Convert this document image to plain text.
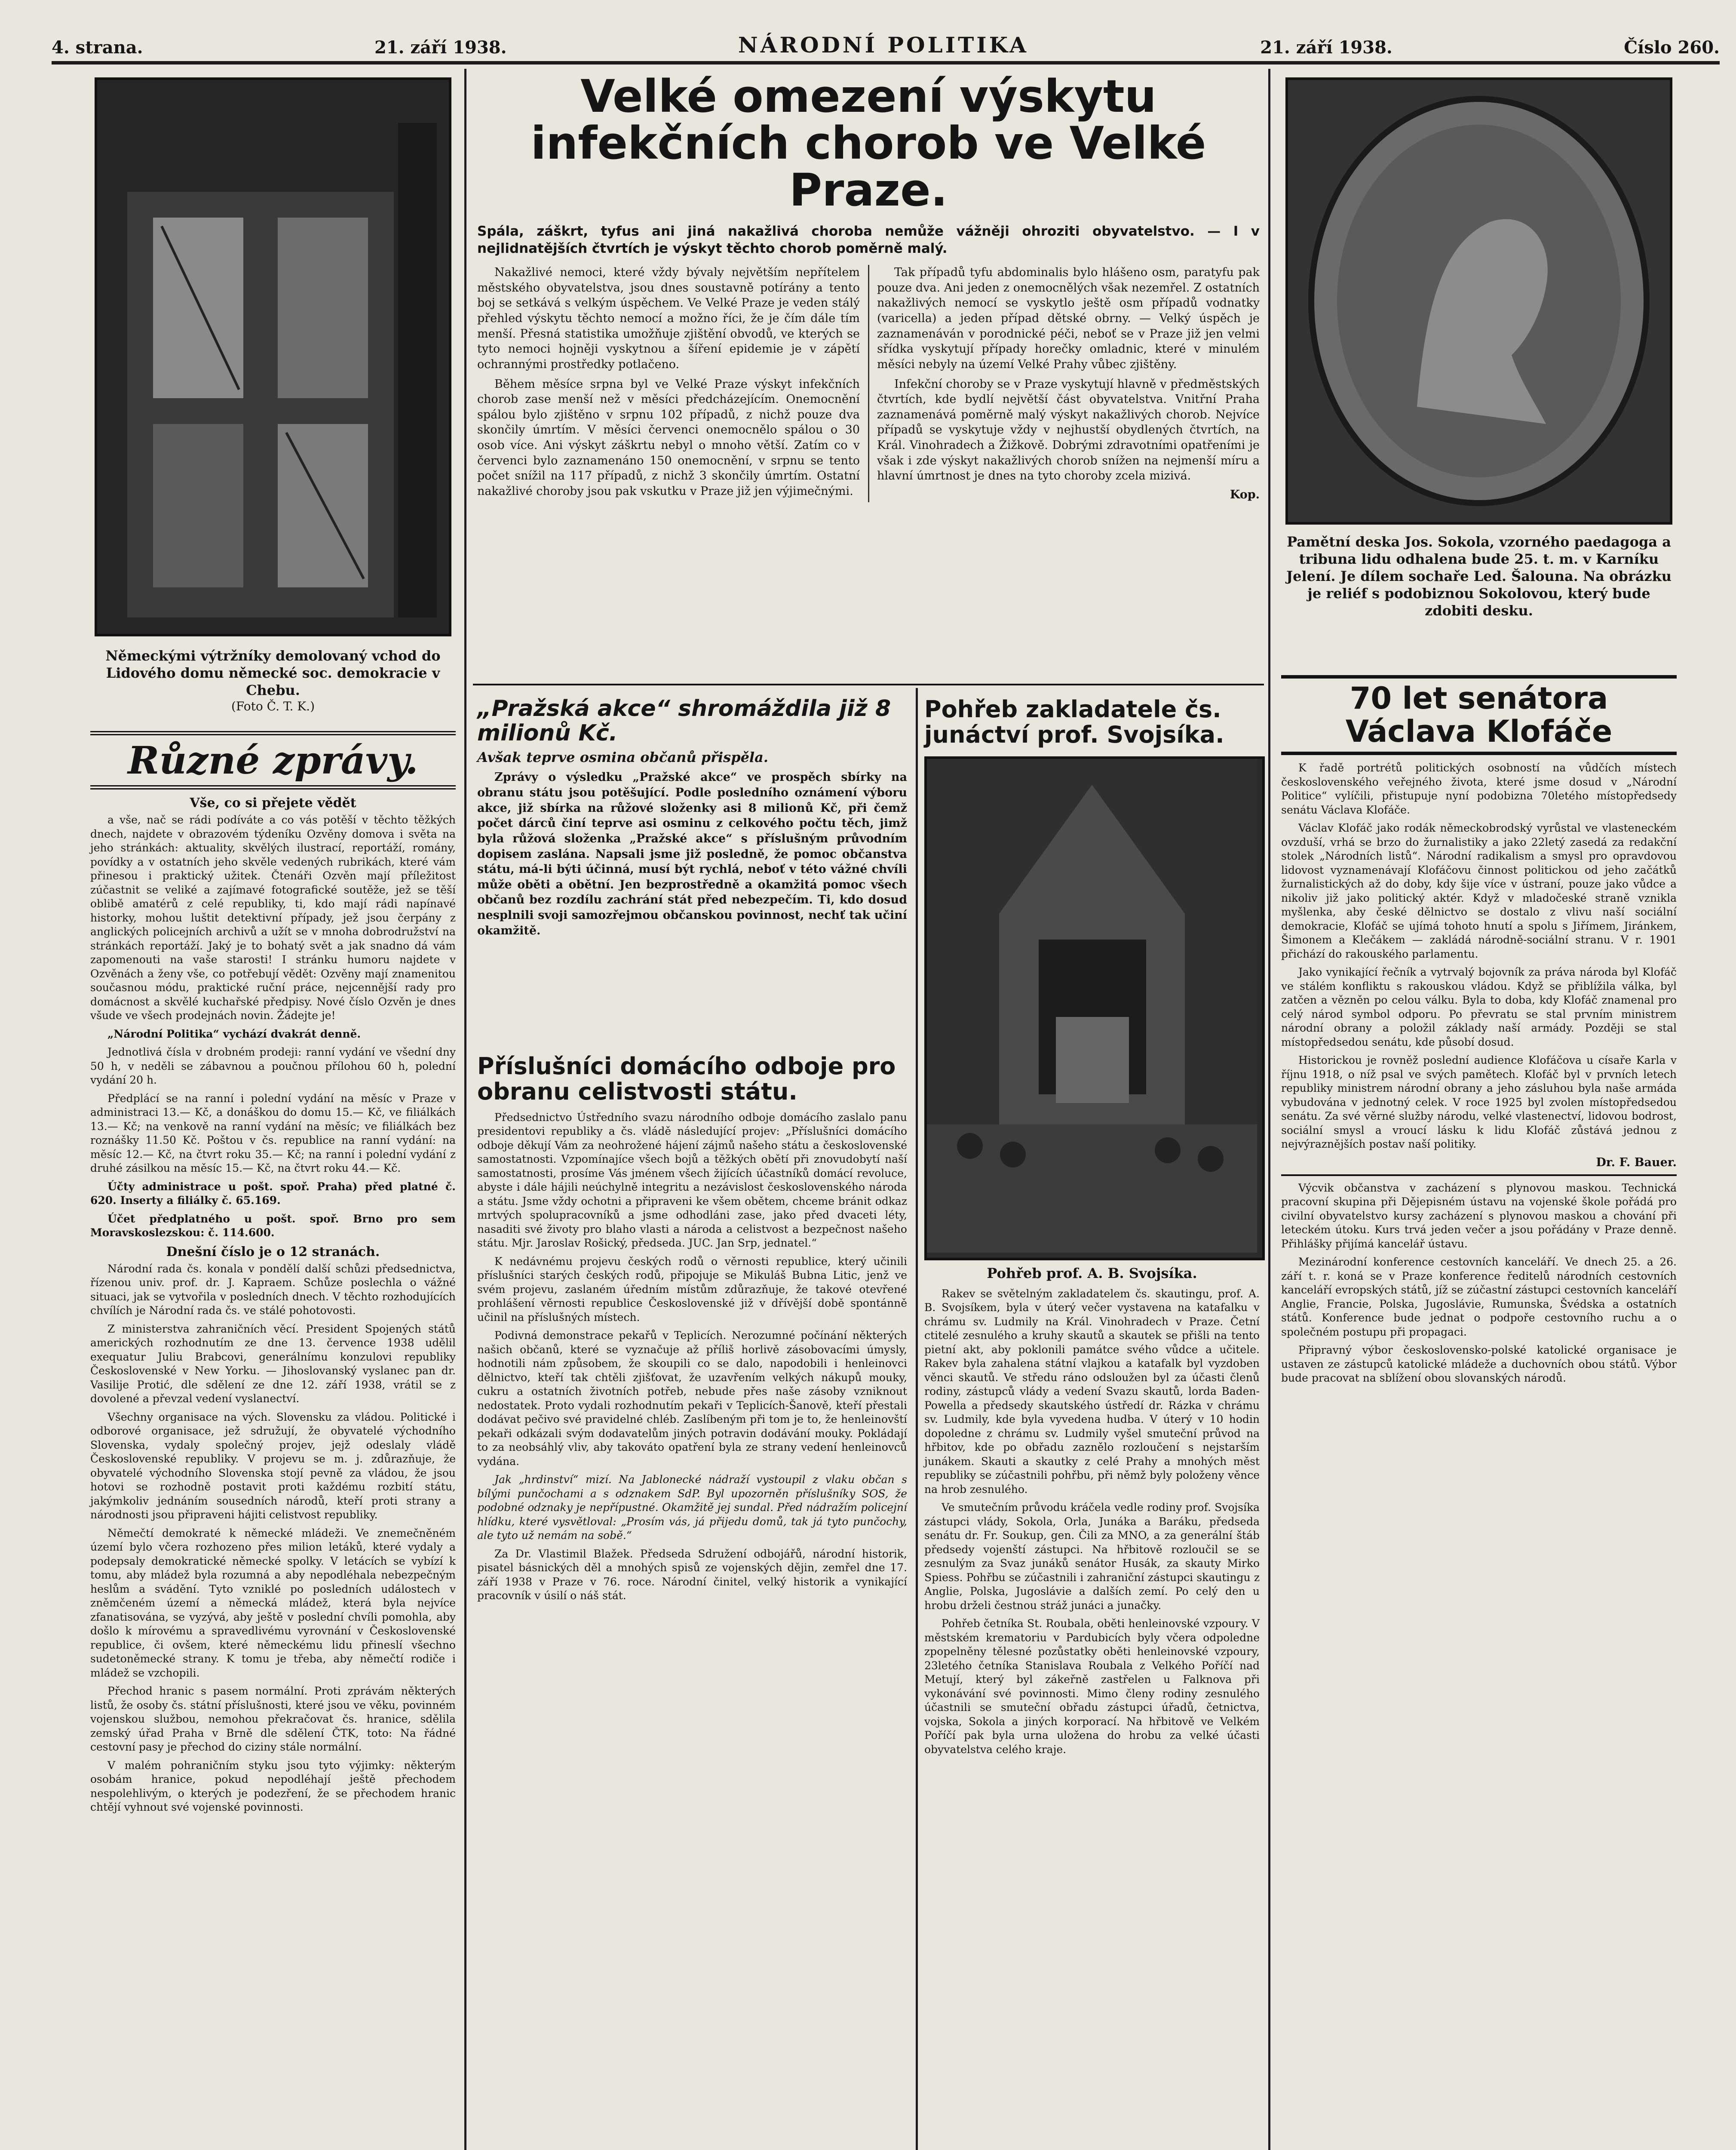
4. strana.	21. září 1938.	NÁRODNÍ POLITIKA	21. září 1938.	Číslo 260.
Německými výtržníky demolovaný vchod do Lidového domu německé soc. demokracie v Chebu.
(Foto Č. T. K.)
Různé zprávy.
Vše, co si přejete vědět

a vše, nač se rádi podíváte a co vás potěší v těchto těžkých dnech, najdete v obrazovém týdeníku Ozvěny domova i světa na jeho stránkách: aktuality, skvělých ilustrací, reportáží, romány, povídky a v ostatních jeho skvěle vedených rubrikách, které vám přinesou i praktický užitek. Čtenáři Ozvěn mají příležitost zúčastnit se veliké a zajímavé fotografické soutěže, jež se těší oblibě amatérů z celé republiky, ti, kdo mají rádi napínavé historky, mohou luštit detektivní případy, jež jsou čerpány z anglických policejních archivů a užít se v mnoha dobrodružství na stránkách reportáží. Jaký je to bohatý svět a jak snadno dá vám zapomenouti na vaše starosti! I stránku humoru najdete v Ozvěnách a ženy vše, co potřebují vědět: Ozvěny mají znamenitou současnou módu, praktické ruční práce, nejcennější rady pro domácnost a skvělé kuchařské předpisy. Nové číslo Ozvěn je dnes všude ve všech prodejnách novin. Žádejte je!

„Národní Politika“ vychází dvakrát denně.

Jednotlivá čísla v drobném prodeji: ranní vydání ve všední dny 50 h, v neděli se zábavnou a poučnou přílohou 60 h, polední vydání 20 h.

Předplácí se na ranní i polední vydání na měsíc v Praze v administraci 13.— Kč, a donáškou do domu 15.— Kč, ve filiálkách 13.— Kč; na venkově na ranní vydání na měsíc; ve filiálkách bez roznášky 11.50 Kč. Poštou v čs. republice na ranní vydání: na měsíc 12.— Kč, na čtvrt roku 35.— Kč; na ranní i polední vydání z druhé zásilkou na měsíc 15.— Kč, na čtvrt roku 44.— Kč.

Účty administrace u pošt. spoř. Praha) před platné č. 620. Inserty a filiálky č. 65.169.

Účet předplatného u pošt. spoř. Brno pro sem Moravskoslezskou: č. 114.600.

Dnešní číslo je o 12 stranách.

Národní rada čs. konala v pondělí další schůzi předsednictva, řízenou univ. prof. dr. J. Kapraem. Schůze poslechla o vážné situaci, jak se vytvořila v posledních dnech. V těchto rozhodujících chvílích je Národní rada čs. ve stálé pohotovosti.

Z ministerstva zahraničních věcí. President Spojených států amerických rozhodnutím ze dne 13. července 1938 udělil exequatur Juliu Brabcovi, generálnímu konzulovi republiky Československé v New Yorku. — Jihoslovanský vyslanec pan dr. Vasilije Protić, dle sdělení ze dne 12. září 1938, vrátil se z dovolené a převzal vedení vyslanectví.

Všechny organisace na vých. Slovensku za vládou. Politické i odborové organisace, jež sdružují, že obyvatelé východního Slovenska, vydaly společný projev, jejž odeslaly vládě Československé republiky. V projevu se m. j. zdůrazňuje, že obyvatelé východního Slovenska stojí pevně za vládou, že jsou hotovi se rozhodně postavit proti každému rozbití státu, jakýmkoliv jednáním sousedních národů, kteří proti strany a národnosti jsou připraveni hájiti celistvost republiky.

Němečtí demokraté k německé mládeži. Ve znemečněném území bylo včera rozhozeno přes milion letáků, které vydaly a podepsaly demokratické německé spolky. V letácích se vybízí k tomu, aby mládež byla rozumná a aby nepodléhala nebezpečným heslům a svádění. Tyto vzniklé po posledních událostech v zněmčeném území a německá mládež, která byla nejvíce zfanatisována, se vyzývá, aby ještě v poslední chvíli pomohla, aby došlo k mírovému a spravedlivému vyrovnání v Československé republice, či ovšem, které německému lidu přineslí všechno sudetoněmecké strany. K tomu je třeba, aby němečtí rodiče i mládež se vzchopili.

Přechod hranic s pasem normální. Proti zprávám některých listů, že osoby čs. státní příslušnosti, které jsou ve věku, povinném vojenskou službou, nemohou překračovat čs. hranice, sdělila zemský úřad Praha v Brně dle sdělení ČTK, toto: Na řádné cestovní pasy je přechod do ciziny stále normální.

V malém pohraničním styku jsou tyto výjimky: některým osobám hranice, pokud nepodléhají ještě přechodem nespolehlivým, o kterých je podezření, že se přechodem hranic chtějí vyhnout své vojenské povinnosti.

Velké omezení výskytu infekčních chorob ve Velké Praze.
Spála, záškrt, tyfus ani jiná nakažlivá choroba nemůže vážněji ohroziti obyvatelstvo. — I v nejlidnatějších čtvrtích je výskyt těchto chorob poměrně malý.

Nakažlivé nemoci, které vždy bývaly největším nepřítelem městského obyvatelstva, jsou dnes soustavně potírány a tento boj se setkává s velkým úspěchem. Ve Velké Praze je veden stálý přehled výskytu těchto nemocí a možno říci, že je čím dále tím menší. Přesná statistika umožňuje zjištění obvodů, ve kterých se tyto nemoci hojněji vyskytnou a šíření epidemie je v zápětí ochrannými prostředky potlačeno.

Během měsíce srpna byl ve Velké Praze výskyt infekčních chorob zase menší než v měsíci předcházejícím. Onemocnění spálou bylo zjištěno v srpnu 102 případů, z nichž pouze dva skončily úmrtím. V měsíci červenci onemocnělo spálou o 30 osob více. Ani výskyt záškrtu nebyl o mnoho větší. Zatím co v červenci bylo zaznamenáno 150 onemocnění, v srpnu se tento počet snížil na 117 případů, z nichž 3 skončily úmrtím. Ostatní nakažlivé choroby jsou pak vskutku v Praze již jen výjimečnými.

Tak případů tyfu abdominalis bylo hlášeno osm, paratyfu pak pouze dva. Ani jeden z onemocnělých však nezemřel. Z ostatních nakažlivých nemocí se vyskytlo ještě osm případů vodnatky (varicella) a jeden případ dětské obrny. — Velký úspěch je zaznamenáván v porodnické péči, neboť se v Praze již jen velmi sřídka vyskytují případy horečky omladnic, které v minulém měsíci nebyly na území Velké Prahy vůbec zjištěny.

Infekční choroby se v Praze vyskytují hlavně v předměstských čtvrtích, kde bydlí největší část obyvatelstva. Vnitřní Praha zaznamenává poměrně malý výskyt nakažlivých chorob. Nejvíce případů se vyskytuje vždy v nejhustší obydlených čtvrtích, na Král. Vinohradech a Žižkově. Dobrými zdravotními opatřeními je však i zde výskyt nakažlivých chorob snížen na nejmenší míru a hlavní úmrtnost je dnes na tyto choroby zcela mizivá.

Kop.
„Pražská akce“ shromáždila již 8 milionů Kč.
Avšak teprve osmina občanů přispěla.

Zprávy o výsledku „Pražské akce“ ve prospěch sbírky na obranu státu jsou potěšující. Podle posledního oznámení výboru akce, již sbírka na růžové složenky asi 8 milionů Kč, při čemž počet dárců činí teprve asi osminu z celkového počtu těch, jimž byla růžová složenka „Pražské akce“ s příslušným průvodním dopisem zaslána. Napsali jsme již posledně, že pomoc občanstva státu, má-li býti účinná, musí být rychlá, neboť v této vážné chvíli může oběti a obětní. Jen bezprostředně a okamžitá pomoc všech občanů bez rozdílu zachrání stát před nebezpečím. Ti, kdo dosud nesplnili svoji samozřejmou občanskou povinnost, nechť tak učiní okamžitě.

Příslušníci domácího odboje pro obranu celistvosti státu.

Předsednictvo Ústředního svazu národního odboje domácího zaslalo panu presidentovi republiky a čs. vládě následující projev: „Příslušníci domácího odboje děkují Vám za neohrožené hájení zájmů našeho státu a československé samostatnosti. Vzpomínajíce všech bojů a těžkých obětí při znovudobytí naší samostatnosti, prosíme Vás jménem všech žijících účastníků domácí revoluce, abyste i dále hájili neúchylně integritu a nezávislost československého národa a státu. Jsme vždy ochotni a připraveni ke všem obětem, chceme bránit odkaz mrtvých spolupracovníků a jsme odhodláni zase, jako před dvaceti léty, nasaditi své životy pro blaho vlasti a národa a celistvost a bezpečnost našeho státu. Mjr. Jaroslav Rošický, předseda. JUC. Jan Srp, jednatel.“

K nedávnému projevu českých rodů o věrnosti republice, který učinili příslušníci starých českých rodů, připojuje se Mikuláš Bubna Litic, jenž ve svém projevu, zaslaném úředním místům zdůrazňuje, že takové otevřené prohlášení věrnosti republice Československé již v dřívější době spontánně učinil na příslušných místech.

Podivná demonstrace pekařů v Teplicích. Nerozumné počínání některých našich občanů, které se vyznačuje až příliš horlivě zásobovacími úmysly, hodnotili nám způsobem, že skoupili co se dalo, napodobili i henleinovci dělnictvo, kteří tak chtěli zjišťovat, že uzavřením velkých nákupů mouky, cukru a ostatních životních potřeb, nebude přes naše zásoby vzniknout nedostatek. Proto vydali rozhodnutím pekaři v Teplicích-Šanově, kteří přestali dodávat pečivo své pravidelné chléb. Zaslíbeným při tom je to, že henleinovští pekaři odkázali svým dodavatelům jiných potravin dodávání mouky. Pokládají to za neobsáhlý vliv, aby takováto opatření byla ze strany vedení henleinovců vydána.

Jak „hrdinství“ mizí. Na Jablonecké nádraží vystoupil z vlaku občan s bílými punčochami a s odznakem SdP. Byl upozorněn příslušníky SOS, že podobné odznaky je nepřípustné. Okamžitě jej sundal. Před nádražím policejní hlídku, které vysvětloval: „Prosím vás, já přijedu domů, tak já tyto punčochy, ale tyto už nemám na sobě.“

Za Dr. Vlastimil Blažek. Předseda Sdružení odbojářů, národní historik, pisatel básnických děl a mnohých spisů ze vojenských dějin, zemřel dne 17. září 1938 v Praze v 76. roce. Národní činitel, velký historik a vynikající pracovník v úsilí o náš stát.

Pohřeb zakladatele čs. junáctví prof. Svojsíka.
Pohřeb prof. A. B. Svojsíka.

Rakev se světelným zakladatelem čs. skautingu, prof. A. B. Svojsíkem, byla v úterý večer vystavena na katafalku v chrámu sv. Ludmily na Král. Vinohradech v Praze. Četní ctitelé zesnulého a kruhy skautů a skautek se přišli na tento pietní akt, aby poklonili památce svého vůdce a učitele. Rakev byla zahalena státní vlajkou a katafalk byl vyzdoben věnci skautů. Ve středu ráno odsloužen byl za účasti členů rodiny, zástupců vlády a vedení Svazu skautů, lorda Baden-Powella a předsedy skautského ústředí dr. Rázka v chrámu sv. Ludmily, kde byla vyvedena hudba. V úterý v 10 hodin dopoledne z chrámu sv. Ludmily vyšel smuteční průvod na hřbitov, kde po obřadu zaznělo rozloučení s nejstarším junákem. Skauti a skautky z celé Prahy a mnohých měst republiky se zúčastnili pohřbu, při němž byly položeny věnce na hrob zesnulého.

Ve smutečním průvodu kráčela vedle rodiny prof. Svojsíka zástupci vlády, Sokola, Orla, Junáka a Baráku, předseda senátu dr. Fr. Soukup, gen. Čili za MNO, a za generální štáb předsedy vojenští zástupci. Na hřbitově rozloučil se se zesnulým za Svaz junáků senátor Husák, za skauty Mirko Spiess. Pohřbu se zúčastnili i zahraniční zástupci skautingu z Anglie, Polska, Jugoslávie a dalších zemí. Po celý den u hrobu drželi čestnou stráž junáci a junačky.

Pohřeb četníka St. Roubala, oběti henleinovské vzpoury. V městském krematoriu v Pardubicích byly včera odpoledne zpopelněny tělesné pozůstatky oběti henleinovské vzpoury, 23letého četníka Stanislava Roubala z Velkého Poříčí nad Metují, který byl zákeřně zastřelen u Falknova při vykonávání své povinnosti. Mimo členy rodiny zesnulého účastnili se smuteční obřadu zástupci úřadů, četnictva, vojska, Sokola a jiných korporací. Na hřbitově ve Velkém Poříčí pak byla urna uložena do hrobu za velké účasti obyvatelstva celého kraje.

Pamětní deska Jos. Sokola, vzorného paedagoga a tribuna lidu odhalena bude 25. t. m. v Karníku Jelení. Je dílem sochaře Led. Šalouna. Na obrázku je reliéf s podobiznou Sokolovou, který bude zdobiti desku.
70 let senátora Václava Klofáče

K řadě portrétů politických osobností na vůdčích místech československého veřejného života, které jsme dosud v „Národní Politice“ vylíčili, přistupuje nyní podobizna 70letého místopředsedy senátu Václava Klofáče.

Václav Klofáč jako rodák německobrodský vyrůstal ve vlasteneckém ovzduší, vrhá se brzo do žurnalistiky a jako 22letý zasedá za redakční stolek „Národních listů“. Národní radikalism a smysl pro opravdovou lidovost vyznamenávají Klofáčovu činnost politickou od jeho začátků žurnalistických až do doby, kdy šije více v ústraní, pouze jako vůdce a nikoliv již jako politický aktér. Když v mladočeské straně vznikla myšlenka, aby české dělnictvo se dostalo z vlivu naší sociální demokracie, Klofáč se ujímá tohoto hnutí a spolu s Jiřímem, Jiránkem, Šimonem a Klečákem — zakládá národně-sociální stranu. V r. 1901 přichází do rakouského parlamentu.

Jako vynikající řečník a vytrvalý bojovník za práva národa byl Klofáč ve stálém konfliktu s rakouskou vládou. Když se přiblížila válka, byl zatčen a vězněn po celou válku. Byla to doba, kdy Klofáč znamenal pro celý národ symbol odporu. Po převratu se stal prvním ministrem národní obrany a položil základy naší armády. Později se stal místopředsedou senátu, kde působí dosud.

Historickou je rovněž poslední audience Klofáčova u císaře Karla v říjnu 1918, o níž psal ve svých pamětech. Klofáč byl v prvních letech republiky ministrem národní obrany a jeho zásluhou byla naše armáda vybudována v jednotný celek. V roce 1925 byl zvolen místopředsedou senátu. Za své věrné služby národu, velké vlastenectví, lidovou bodrost, sociální smysl a vroucí lásku k lidu Klofáč zůstává jednou z nejvýraznějších postav naší politiky.

Dr. F. Bauer.

Výcvik občanstva v zacházení s plynovou maskou. Technická pracovní skupina při Dějepisném ústavu na vojenské škole pořádá pro civilní obyvatelstvo kursy zacházení s plynovou maskou a chování při leteckém útoku. Kurs trvá jeden večer a jsou pořádány v Praze denně. Přihlášky přijímá kancelář ústavu.

Mezinárodní konference cestovních kanceláří. Ve dnech 25. a 26. září t. r. koná se v Praze konference ředitelů národních cestovních kanceláří evropských států, jíž se zúčastní zástupci cestovních kanceláří Anglie, Francie, Polska, Jugoslávie, Rumunska, Švédska a ostatních států. Konference bude jednat o podpoře cestovního ruchu a o společném postupu při propagaci.

Připravný výbor československo-polské katolické organisace je ustaven ze zástupců katolické mládeže a duchovních obou států. Výbor bude pracovat na sblížení obou slovanských národů.
